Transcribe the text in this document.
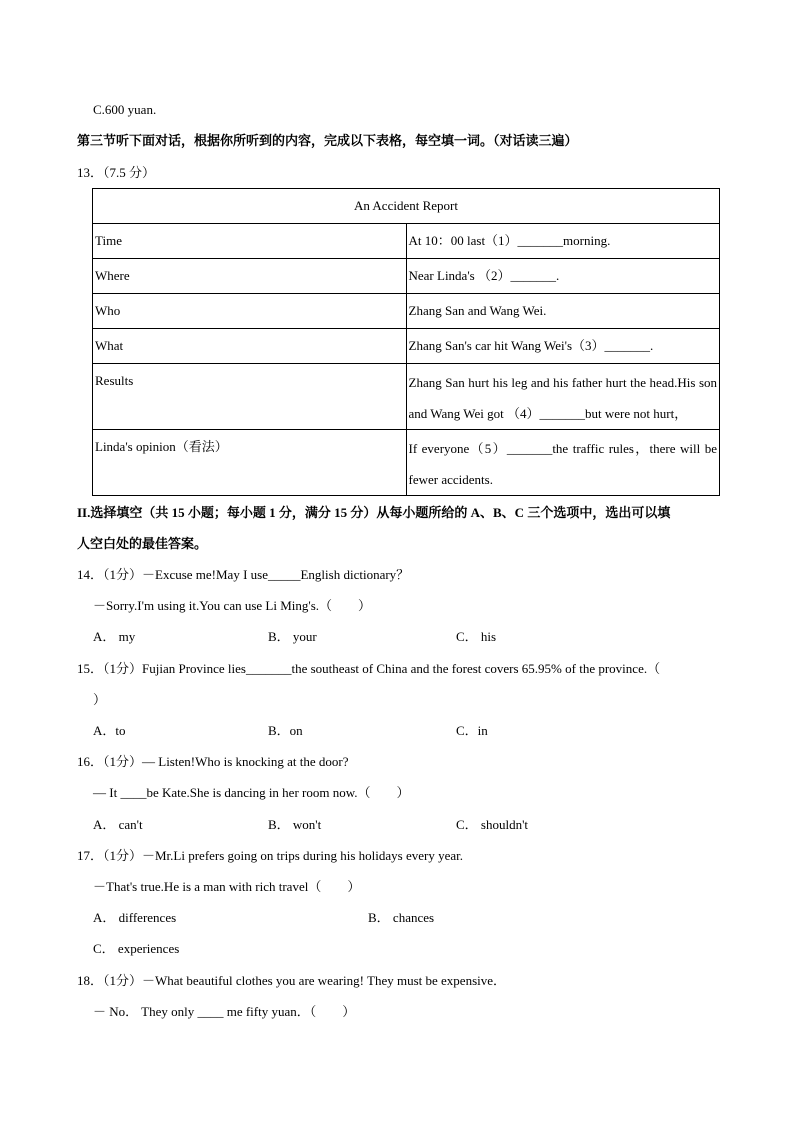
C.600 yuan.
第三节听下面对话，根据你所听到的内容，完成以下表格，每空填一词。（对话读三遍）
13．（7.5 分）
An Accident Report	
Time	At 10：00 last（1）_______morning.
Where	Near Linda's （2）_______.
Who	Zhang San and Wang Wei.
What	Zhang San's car hit Wang Wei's（3）_______.
Results	Zhang San hurt his leg and his father hurt the head.His son and Wang Wei got （4）_______but were not hurt，
Linda's opinion（看法）	If everyone（5）_______the traffic rules，there will be fewer accidents.
II.选择填空（共 15 小题；每小题 1 分，满分 15 分）从每小题所给的 A、B、C 三个选项中，选出可以填
人空白处的最佳答案。
14．（1分）－Excuse me!May I use_____English dictionary？
－Sorry.I'm using it.You can use Li Ming's.（　　）
A． my	B． your	C． his
15．（1分）Fujian Province lies_______the southeast of China and the forest covers 65.95% of the province.（
）
A．to	B．on	C．in
16．（1分）— Listen!Who is knocking at the door?
— It ____be Kate.She is dancing in her room now.（　　）
A． can't	B． won't	C． shouldn't
17．（1分）－Mr.Li prefers going on trips during his holidays every year.
－That's true.He is a man with rich travel（　　）
A． differences	B． chances
C． experiences
18．（1分）－What beautiful clothes you are wearing! They must be expensive．
－ No． They only ____ me fifty yuan．（　　）
